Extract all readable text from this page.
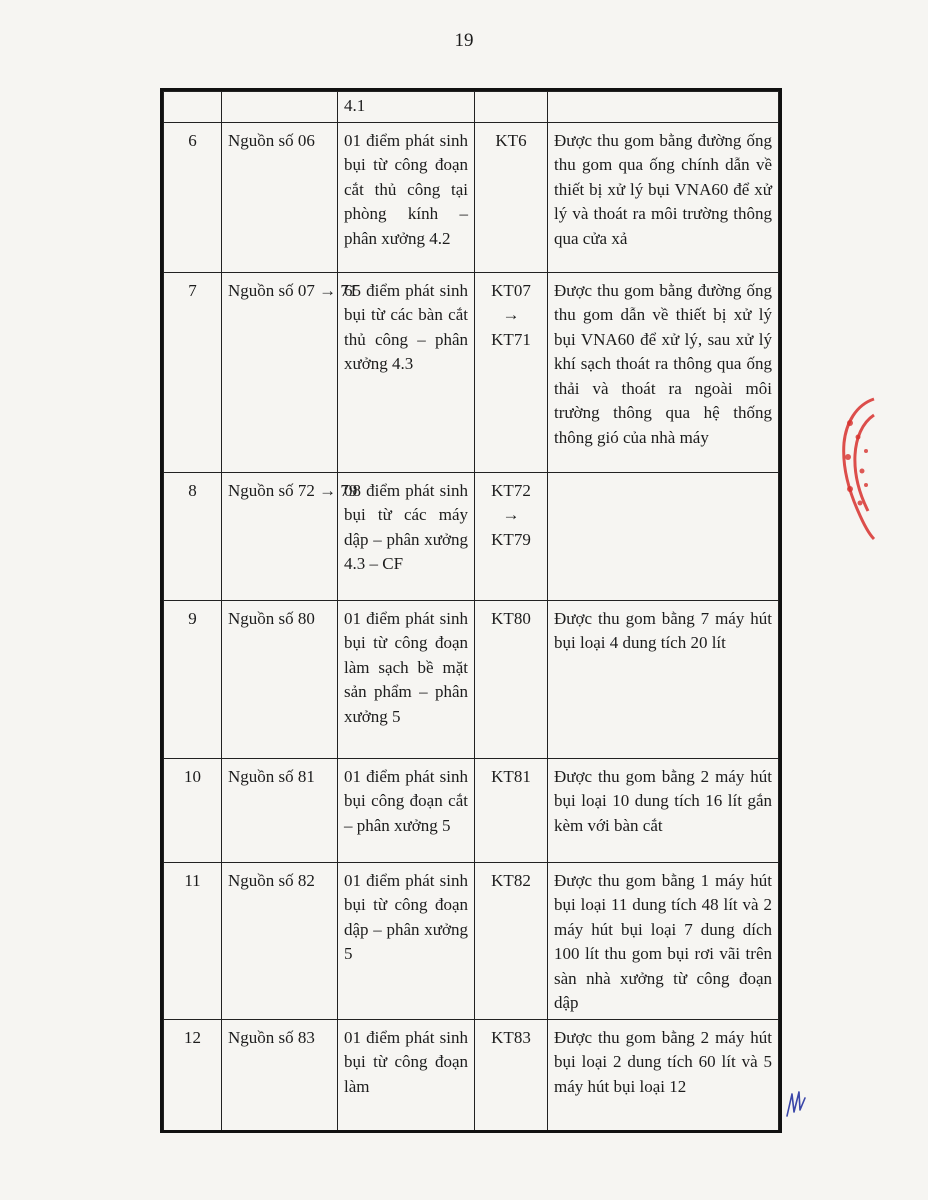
19
		4.1		
6	Nguồn số 06	01 điểm phát sinh bụi từ công đoạn cắt thủ công tại phòng kính – phân xưởng 4.2	KT6	Được thu gom bằng đường ống thu gom qua ống chính dẫn về thiết bị xử lý bụi VNA60 để xử lý và thoát ra môi trường thông qua cửa xả
7	Nguồn số 07 → 71	65 điểm phát sinh bụi từ các bàn cắt thủ công – phân xưởng 4.3	KT07 → KT71	Được thu gom bằng đường ống thu gom dẫn về thiết bị xử lý bụi VNA60 để xử lý, sau xử lý khí sạch thoát ra thông qua ống thải và thoát ra ngoài môi trường thông qua hệ thống thông gió của nhà máy
8	Nguồn số 72 → 79	08 điểm phát sinh bụi từ các máy dập – phân xưởng 4.3 – CF	KT72 → KT79	
9	Nguồn số 80	01 điểm phát sinh bụi từ công đoạn làm sạch bề mặt sản phẩm – phân xưởng 5	KT80	Được thu gom bằng 7 máy hút bụi loại 4 dung tích 20 lít
10	Nguồn số 81	01 điểm phát sinh bụi công đoạn cắt – phân xưởng 5	KT81	Được thu gom bằng 2 máy hút bụi loại 10 dung tích 16 lít gắn kèm với bàn cắt
11	Nguồn số 82	01 điểm phát sinh bụi từ công đoạn dập – phân xưởng 5	KT82	Được thu gom bằng 1 máy hút bụi loại 11 dung tích 48 lít và 2 máy hút bụi loại 7 dung dích 100 lít thu gom bụi rơi vãi trên sàn nhà xưởng từ công đoạn dập
12	Nguồn số 83	01 điểm phát sinh bụi từ công đoạn làm	KT83	Được thu gom bằng 2 máy hút bụi loại 2 dung tích 60 lít và 5 máy hút bụi loại 12
